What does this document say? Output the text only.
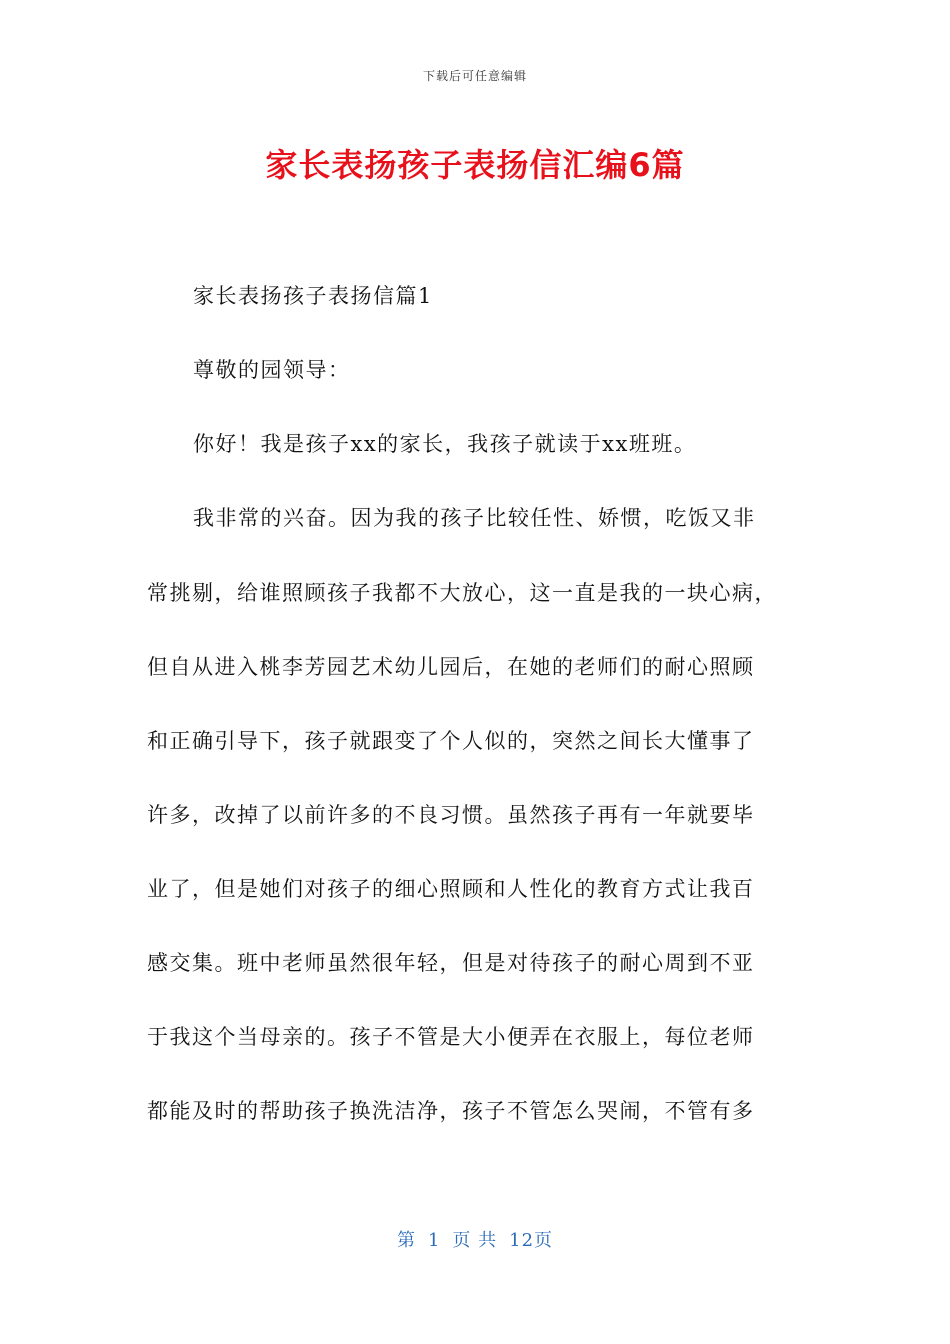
下载后可任意编辑
家长表扬孩子表扬信汇编6篇
家长表扬孩子表扬信篇1
尊敬的园领导：
你好！我是孩子xx的家长，我孩子就读于xx班班。
我非常的兴奋。因为我的孩子比较任性、娇惯，吃饭又非
常挑剔，给谁照顾孩子我都不大放心，这一直是我的一块心病，
但自从进入桃李芳园艺术幼儿园后，在她的老师们的耐心照顾
和正确引导下，孩子就跟变了个人似的，突然之间长大懂事了
许多，改掉了以前许多的不良习惯。虽然孩子再有一年就要毕
业了，但是她们对孩子的细心照顾和人性化的教育方式让我百
感交集。班中老师虽然很年轻，但是对待孩子的耐心周到不亚
于我这个当母亲的。孩子不管是大小便弄在衣服上，每位老师
都能及时的帮助孩子换洗洁净，孩子不管怎么哭闹，不管有多
第 1 页 共 12页
